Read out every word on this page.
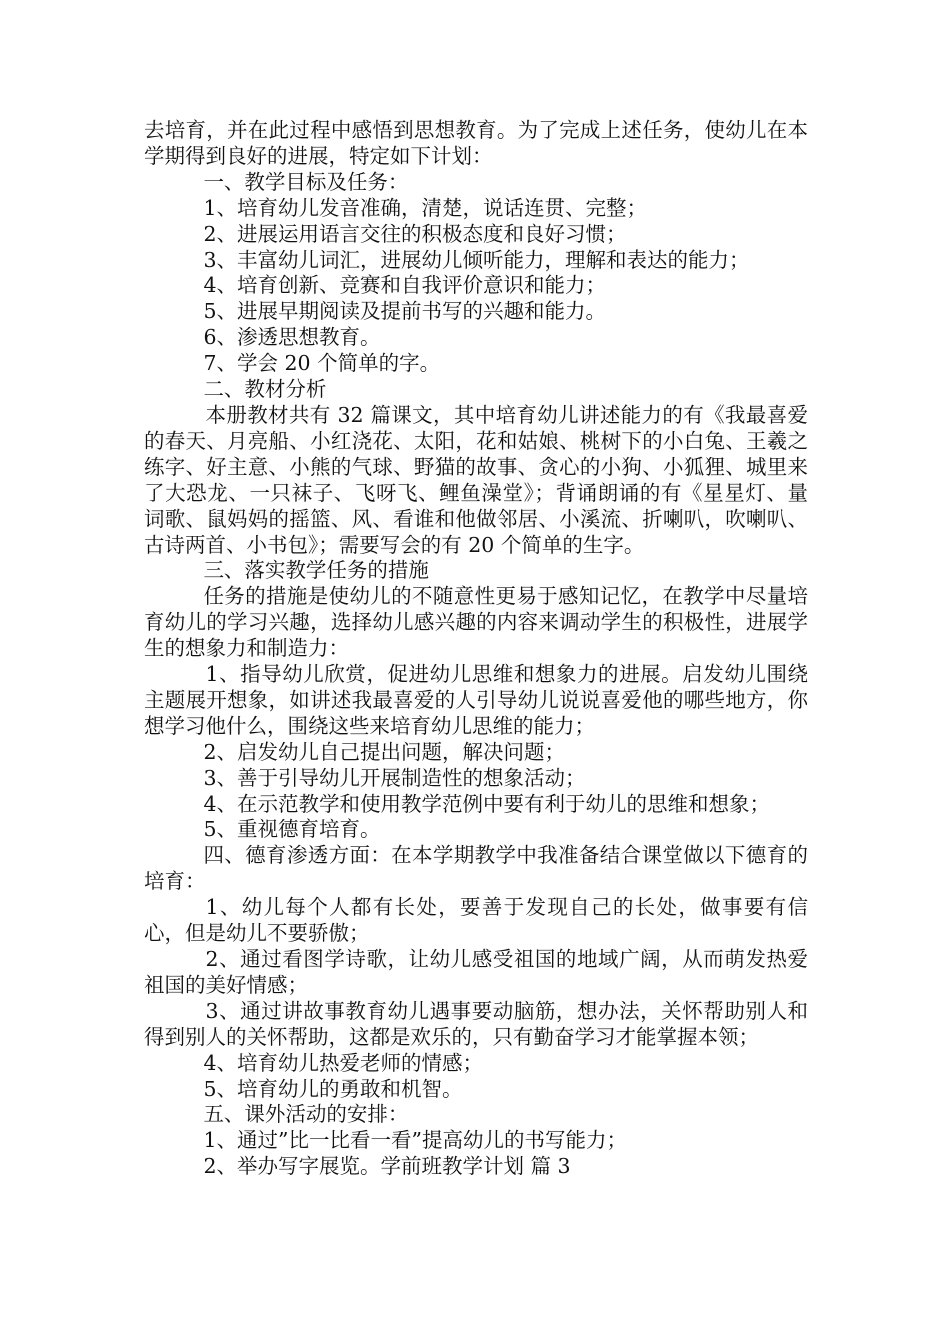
去培育，并在此过程中感悟到思想教育。为了完成上述任务，使幼儿在本学期得到良好的进展，特定如下计划：

一、教学目标及任务：

1、培育幼儿发音准确，清楚，说话连贯、完整；

2、进展运用语言交往的积极态度和良好习惯；

3、丰富幼儿词汇，进展幼儿倾听能力，理解和表达的能力；

4、培育创新、竞赛和自我评价意识和能力；

5、进展早期阅读及提前书写的兴趣和能力。

6、渗透思想教育。

7、学会 20 个简单的字。

二、教材分析

本册教材共有 32 篇课文，其中培育幼儿讲述能力的有《我最喜爱的春天、月亮船、小红浇花、太阳，花和姑娘、桃树下的小白兔、王羲之练字、好主意、小熊的气球、野猫的故事、贪心的小狗、小狐狸、城里来了大恐龙、一只袜子、飞呀飞、鲤鱼澡堂》；背诵朗诵的有《星星灯、量词歌、鼠妈妈的摇篮、风、看谁和他做邻居、小溪流、折喇叭，吹喇叭、古诗两首、小书包》；需要写会的有 20 个简单的生字。

三、落实教学任务的措施

任务的措施是使幼儿的不随意性更易于感知记忆，在教学中尽量培育幼儿的学习兴趣，选择幼儿感兴趣的内容来调动学生的积极性，进展学生的想象力和制造力：

1、指导幼儿欣赏，促进幼儿思维和想象力的进展。启发幼儿围绕主题展开想象，如讲述我最喜爱的人引导幼儿说说喜爱他的哪些地方，你想学习他什么，围绕这些来培育幼儿思维的能力；

2、启发幼儿自己提出问题，解决问题；

3、善于引导幼儿开展制造性的想象活动；

4、在示范教学和使用教学范例中要有利于幼儿的思维和想象；

5、重视德育培育。

四、德育渗透方面：在本学期教学中我准备结合课堂做以下德育的培育：

1、幼儿每个人都有长处，要善于发现自己的长处，做事要有信心，但是幼儿不要骄傲；

2、通过看图学诗歌，让幼儿感受祖国的地域广阔，从而萌发热爱祖国的美好情感；

3、通过讲故事教育幼儿遇事要动脑筋，想办法，关怀帮助别人和得到别人的关怀帮助，这都是欢乐的，只有勤奋学习才能掌握本领；

4、培育幼儿热爱老师的情感；

5、培育幼儿的勇敢和机智。

五、课外活动的安排：

1、通过”比一比看一看”提高幼儿的书写能力；

2、举办写字展览。学前班教学计划 篇 3
